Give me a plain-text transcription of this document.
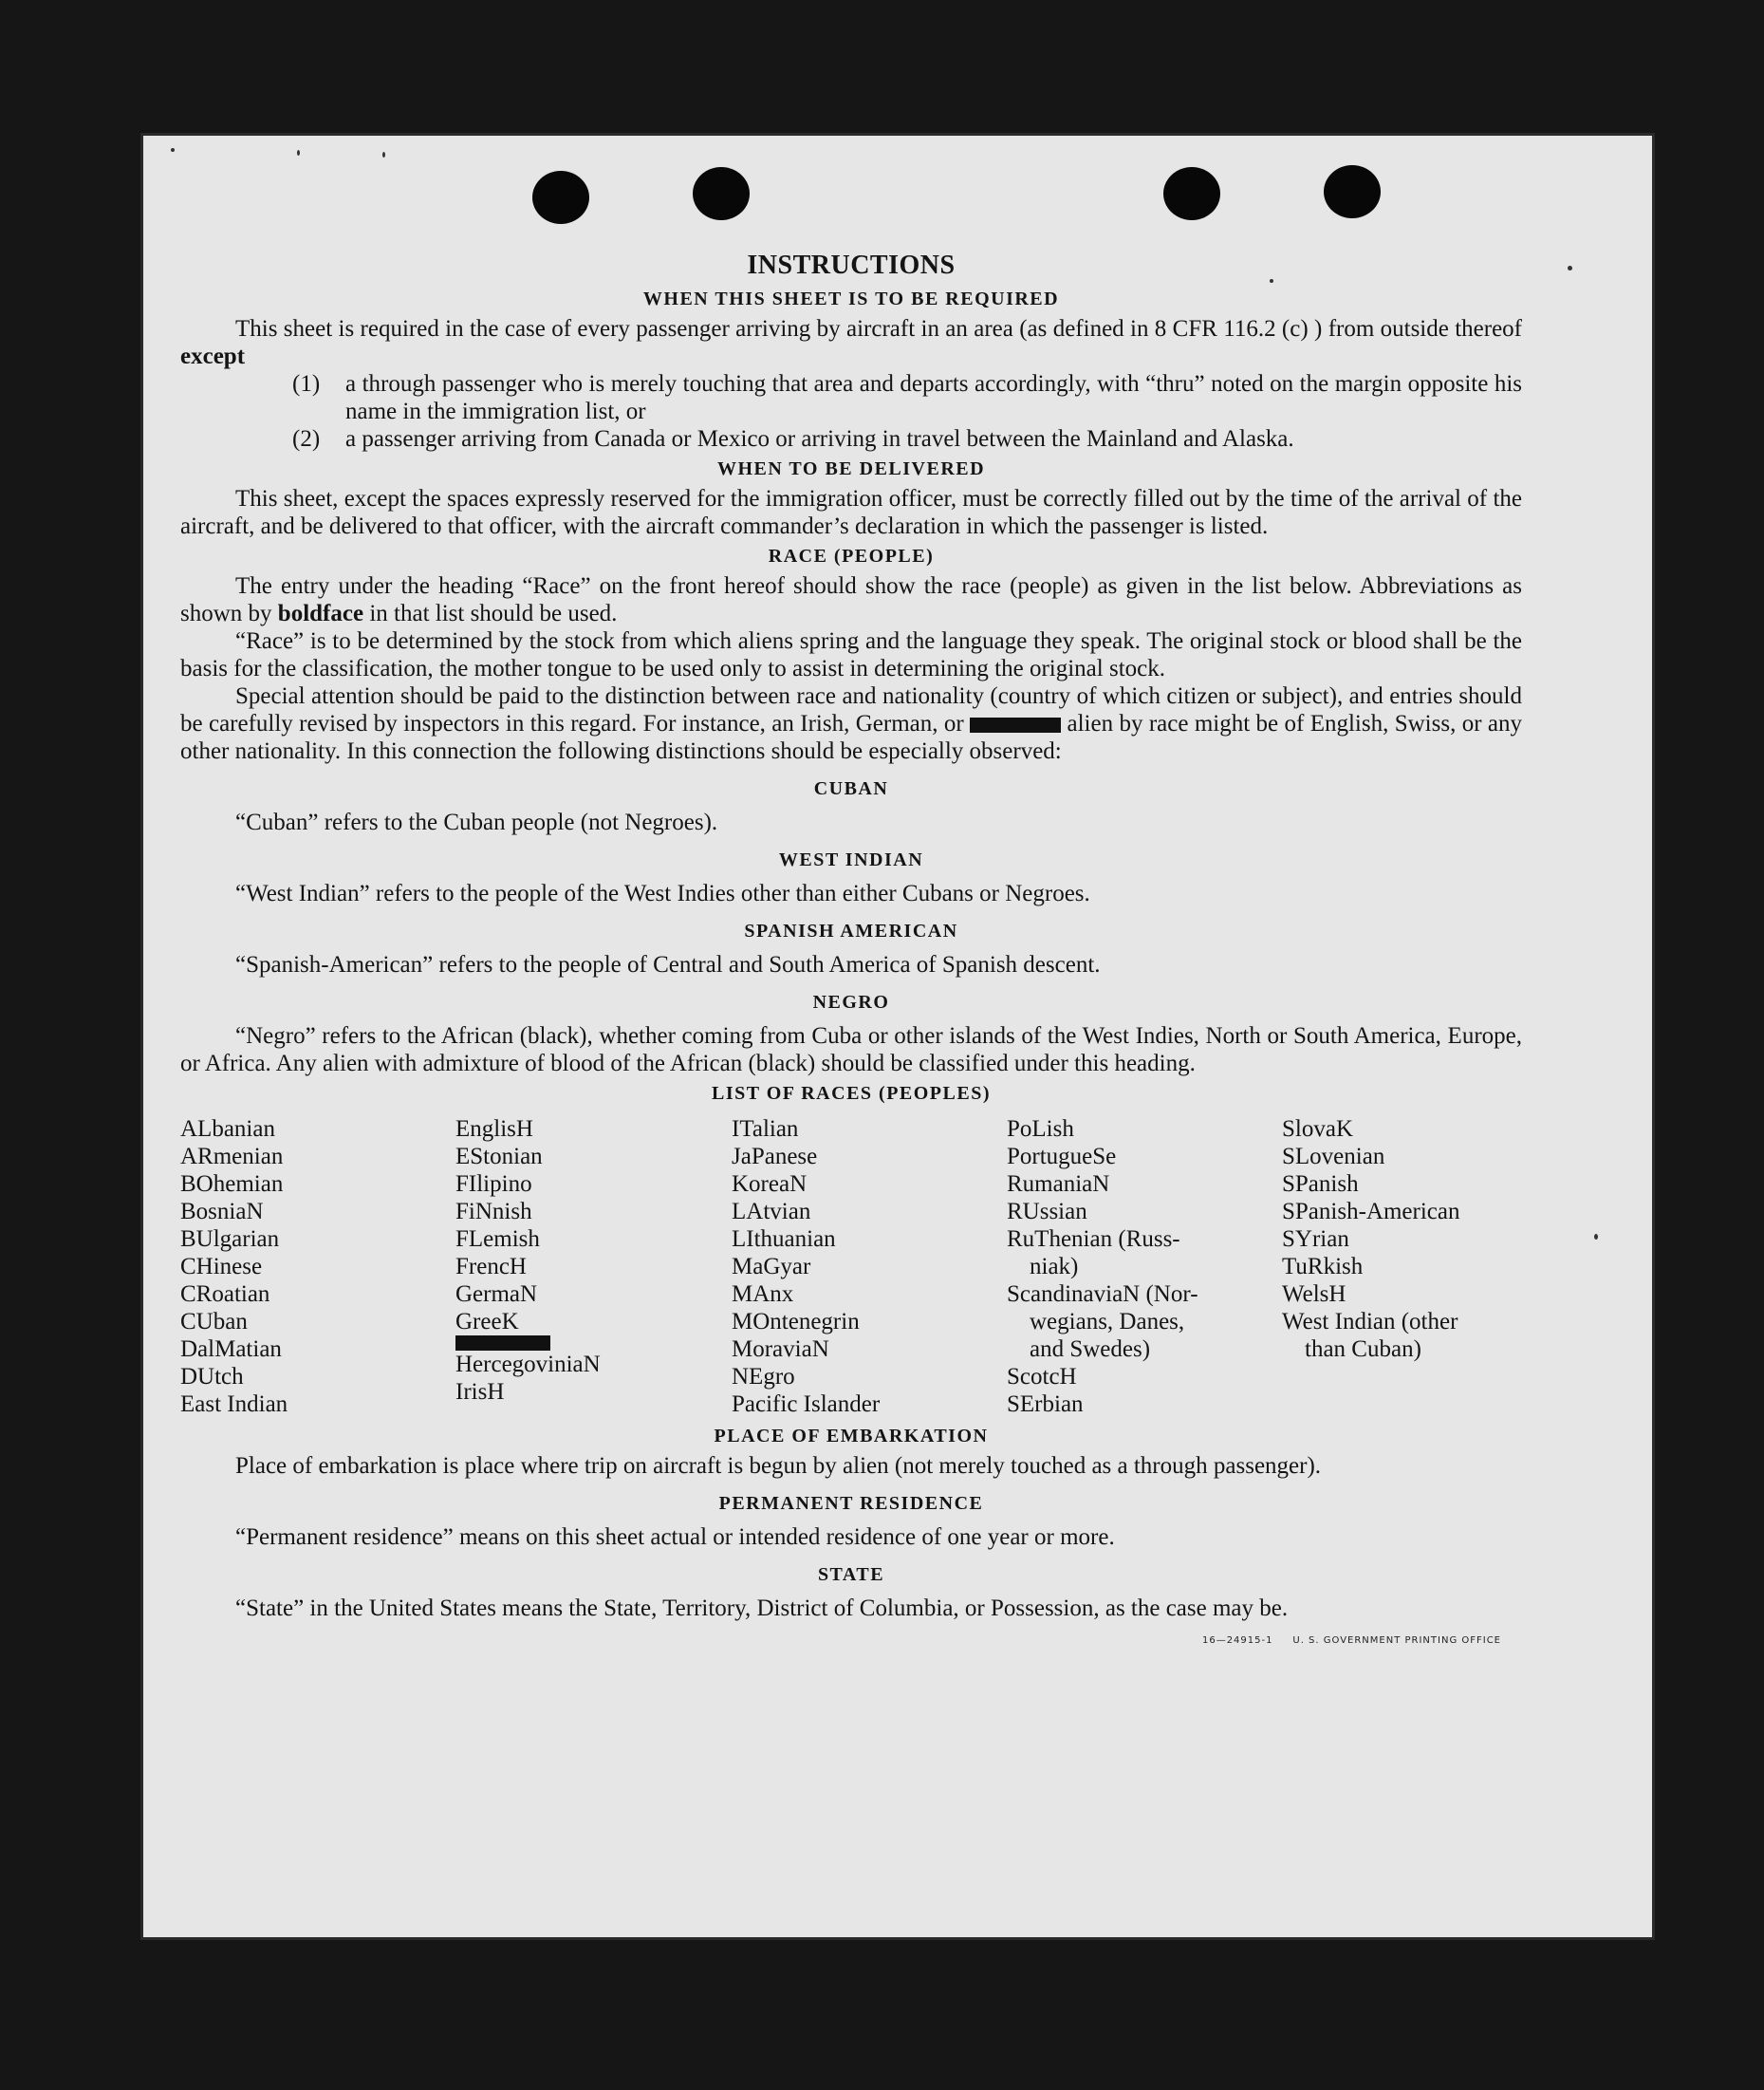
INSTRUCTIONS
WHEN THIS SHEET IS TO BE REQUIRED

This sheet is required in the case of every passenger arriving by aircraft in an area (as defined in 8 CFR 116.2 (c) ) from outside thereof except

(1)	a through passenger who is merely touching that area and departs accordingly, with “thru” noted on the margin opposite his name in the immigration list, or
(2)	a passenger arriving from Canada or Mexico or arriving in travel between the Mainland and Alaska.
WHEN TO BE DELIVERED

This sheet, except the spaces expressly reserved for the immigration officer, must be correctly filled out by the time of the arrival of the aircraft, and be delivered to that officer, with the aircraft commander’s declaration in which the passenger is listed.

RACE (PEOPLE)

The entry under the heading “Race” on the front hereof should show the race (people) as given in the list below. Abbreviations as shown by boldface in that list should be used.

“Race” is to be determined by the stock from which aliens spring and the language they speak. The original stock or blood shall be the basis for the classification, the mother tongue to be used only to assist in determining the original stock.

Special attention should be paid to the distinction between race and nationality (country of which citizen or subject), and entries should be carefully revised by inspectors in this regard. For instance, an Irish, German, or	alien by race might be of English, Swiss, or any other nationality. In this connection the following distinctions should be especially observed:

CUBAN

“Cuban” refers to the Cuban people (not Negroes).

WEST INDIAN

“West Indian” refers to the people of the West Indies other than either Cubans or Negroes.

SPANISH AMERICAN

“Spanish-American” refers to the people of Central and South America of Spanish descent.

NEGRO

“Negro” refers to the African (black), whether coming from Cuba or other islands of the West Indies, North or South America, Europe, or Africa. Any alien with admixture of blood of the African (black) should be classified under this heading.

LIST OF RACES (PEOPLES)
ALbanian
ARmenian
BOhemian
BosniaN
BUlgarian
CHinese
CRoatian
CUban
DalMatian
DUtch
East Indian
EnglisH
EStonian
FIlipino
FiNnish
FLemish
FrencH
GermaN
GreeK
HercegoviniaN
IrisH
ITalian
JaPanese
KoreaN
LAtvian
LIthuanian
MaGyar
MAnx
MOntenegrin
MoraviaN
NEgro
Pacific Islander
PoLish
PortugueSe
RumaniaN
RUssian
RuThenian (Russ-
niak)
ScandinaviaN (Nor-
wegians, Danes,
and Swedes)
ScotcH
SErbian
SlovaK
SLovenian
SPanish
SPanish-American
SYrian
TuRkish
WelsH
West Indian (other
than Cuban)
PLACE OF EMBARKATION

Place of embarkation is place where trip on aircraft is begun by alien (not merely touched as a through passenger).

PERMANENT RESIDENCE

“Permanent residence” means on this sheet actual or intended residence of one year or more.

STATE

“State” in the United States means the State, Territory, District of Columbia, or Possession, as the case may be.

16—24915-1     U. S. GOVERNMENT PRINTING OFFICE
